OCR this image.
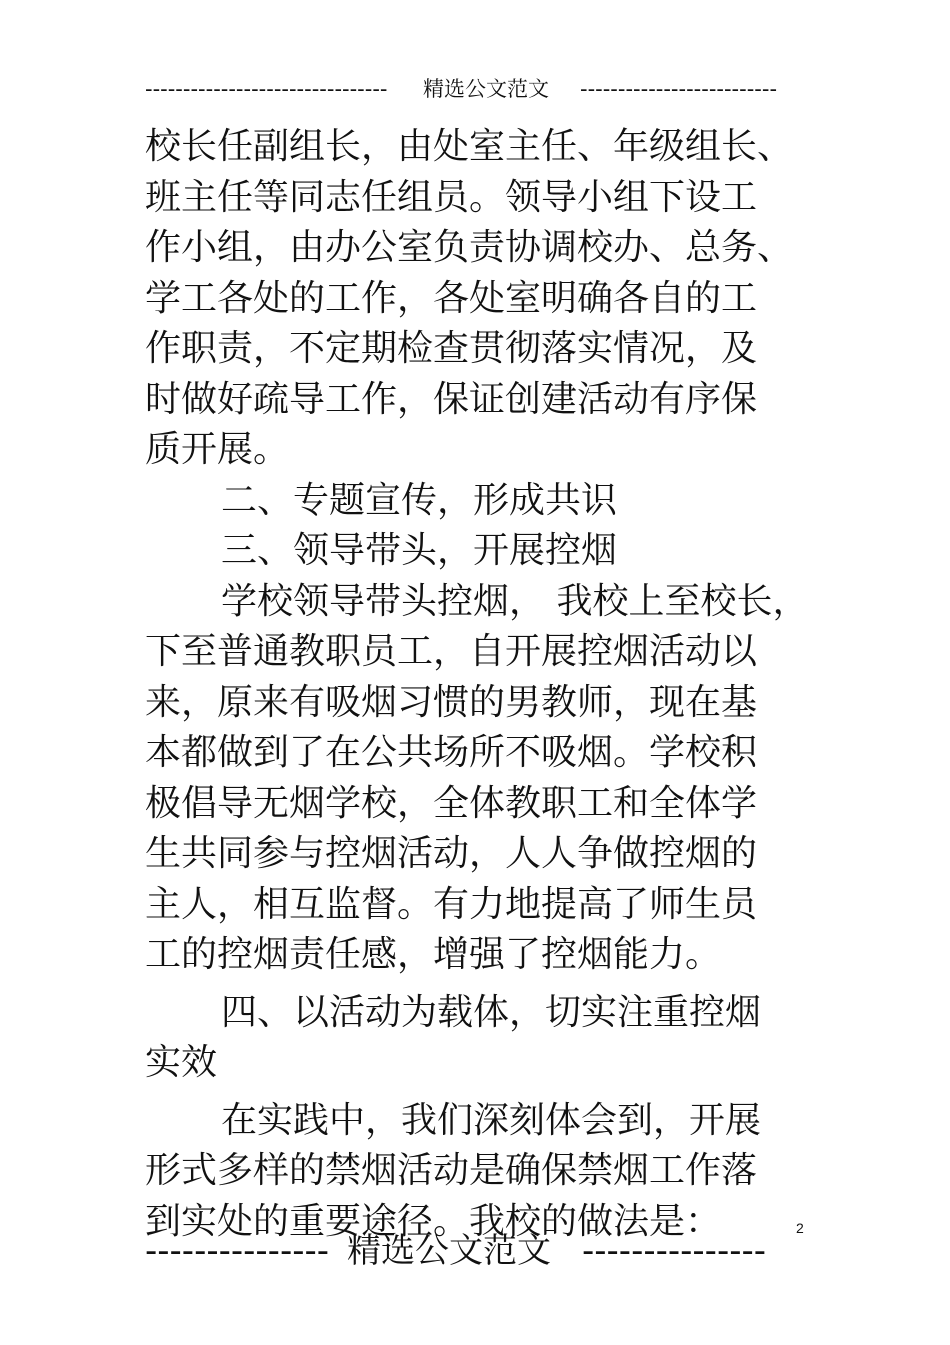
-------------------------------- 精选公文范文 --------------------------
校长任副组长，由处室主任、年级组长、
班主任等同志任组员。领导小组下设工
作小组，由办公室负责协调校办、总务、
学工各处的工作，各处室明确各自的工
作职责，不定期检查贯彻落实情况，及
时做好疏导工作，保证创建活动有序保
质开展。
二、专题宣传，形成共识
三、领导带头，开展控烟
学校领导带头控烟， 我校上至校长，
下至普通教职员工，自开展控烟活动以
来，原来有吸烟习惯的男教师，现在基
本都做到了在公共场所不吸烟。学校积
极倡导无烟学校，全体教职工和全体学
生共同参与控烟活动，人人争做控烟的
主人，相互监督。有力地提高了师生员
工的控烟责任感，增强了控烟能力。
四、以活动为载体，切实注重控烟
实效
在实践中，我们深刻体会到，开展
形式多样的禁烟活动是确保禁烟工作落
到实处的重要途径。我校的做法是：	2
--------------- 精选公文范文 ---------------
